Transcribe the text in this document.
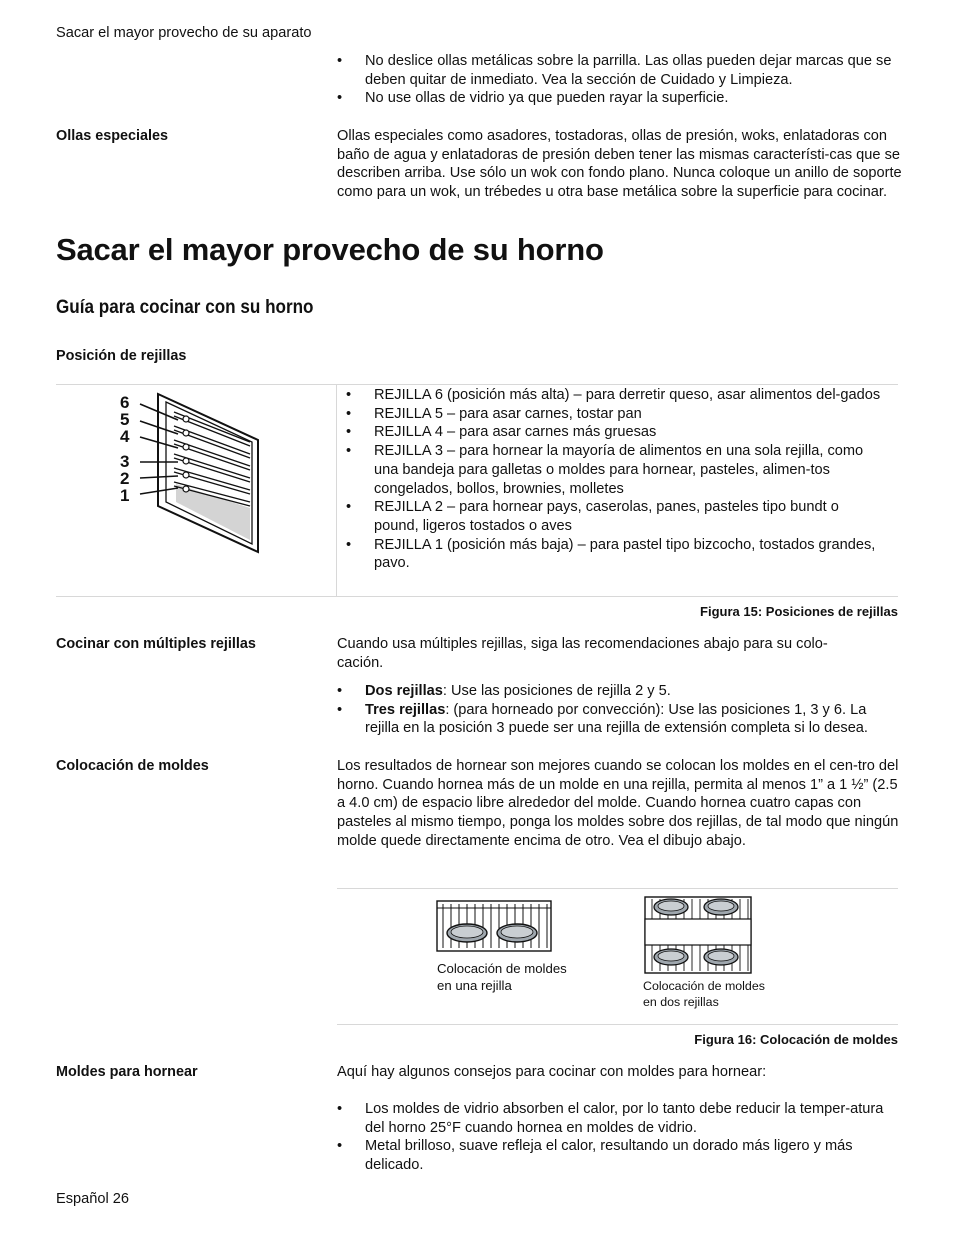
Sacar el mayor provecho de su aparato
• No deslice ollas metálicas sobre la parrilla. Las ollas pueden dejar marcas que se deben quitar de inmediato. Vea la sección de Cuidado y Limpieza.
• No use ollas de vidrio ya que pueden rayar la superficie.
Ollas especiales	Ollas especiales como asadores, tostadoras, ollas de presión, woks, enlatadoras con baño de agua y enlatadoras de presión deben tener las mismas característi-cas que se describen arriba. Use sólo un wok con fondo plano. Nunca coloque un anillo de soporte como para un wok, un trébedes u otra base metálica sobre la superficie para cocinar.
Sacar el mayor provecho de su horno
Guía para cocinar con su horno
Posición de rejillas
6
5
4
3
2
1
• REJILLA 6 (posición más alta) – para derretir queso, asar alimentos del-gados
• REJILLA 5 – para asar carnes, tostar pan
• REJILLA 4 – para asar carnes más gruesas
• REJILLA 3 – para hornear la mayoría de alimentos en una sola rejilla, como una bandeja para galletas o moldes para hornear, pasteles, alimen-tos congelados, bollos, brownies, molletes
• REJILLA 2 – para hornear pays, caserolas, panes, pasteles tipo bundt o pound, ligeros tostados o aves
• REJILLA 1 (posición más baja) – para pastel tipo bizcocho, tostados grandes, pavo.
Figura 15: Posiciones de rejillas
Cocinar con múltiples rejillas	Cuando usa múltiples rejillas, siga las recomendaciones abajo para su colo-cación.
• Dos rejillas: Use las posiciones de rejilla 2 y 5.
• Tres rejillas: (para horneado por convección): Use las posiciones 1, 3 y 6. La rejilla en la posición 3 puede ser una rejilla de extensión completa si lo desea.
Colocación de moldes	Los resultados de hornear son mejores cuando se colocan los moldes en el cen-tro del horno. Cuando hornea más de un molde en una rejilla, permita al menos 1” a 1 ½” (2.5 a 4.0 cm) de espacio libre alrededor del molde. Cuando hornea cuatro capas con pasteles al mismo tiempo, ponga los moldes sobre dos rejillas, de tal modo que ningún molde quede directamente encima de otro. Vea el dibujo abajo.
Colocación de moldes
en una rejilla	Colocación de moldes
en dos rejillas
Figura 16: Colocación de moldes
Moldes para hornear	Aquí hay algunos consejos para cocinar con moldes para hornear:
• Los moldes de vidrio absorben el calor, por lo tanto debe reducir la temper-atura del horno 25°F cuando hornea en moldes de vidrio.
• Metal brilloso, suave refleja el calor, resultando un dorado más ligero y más delicado.
Español 26
